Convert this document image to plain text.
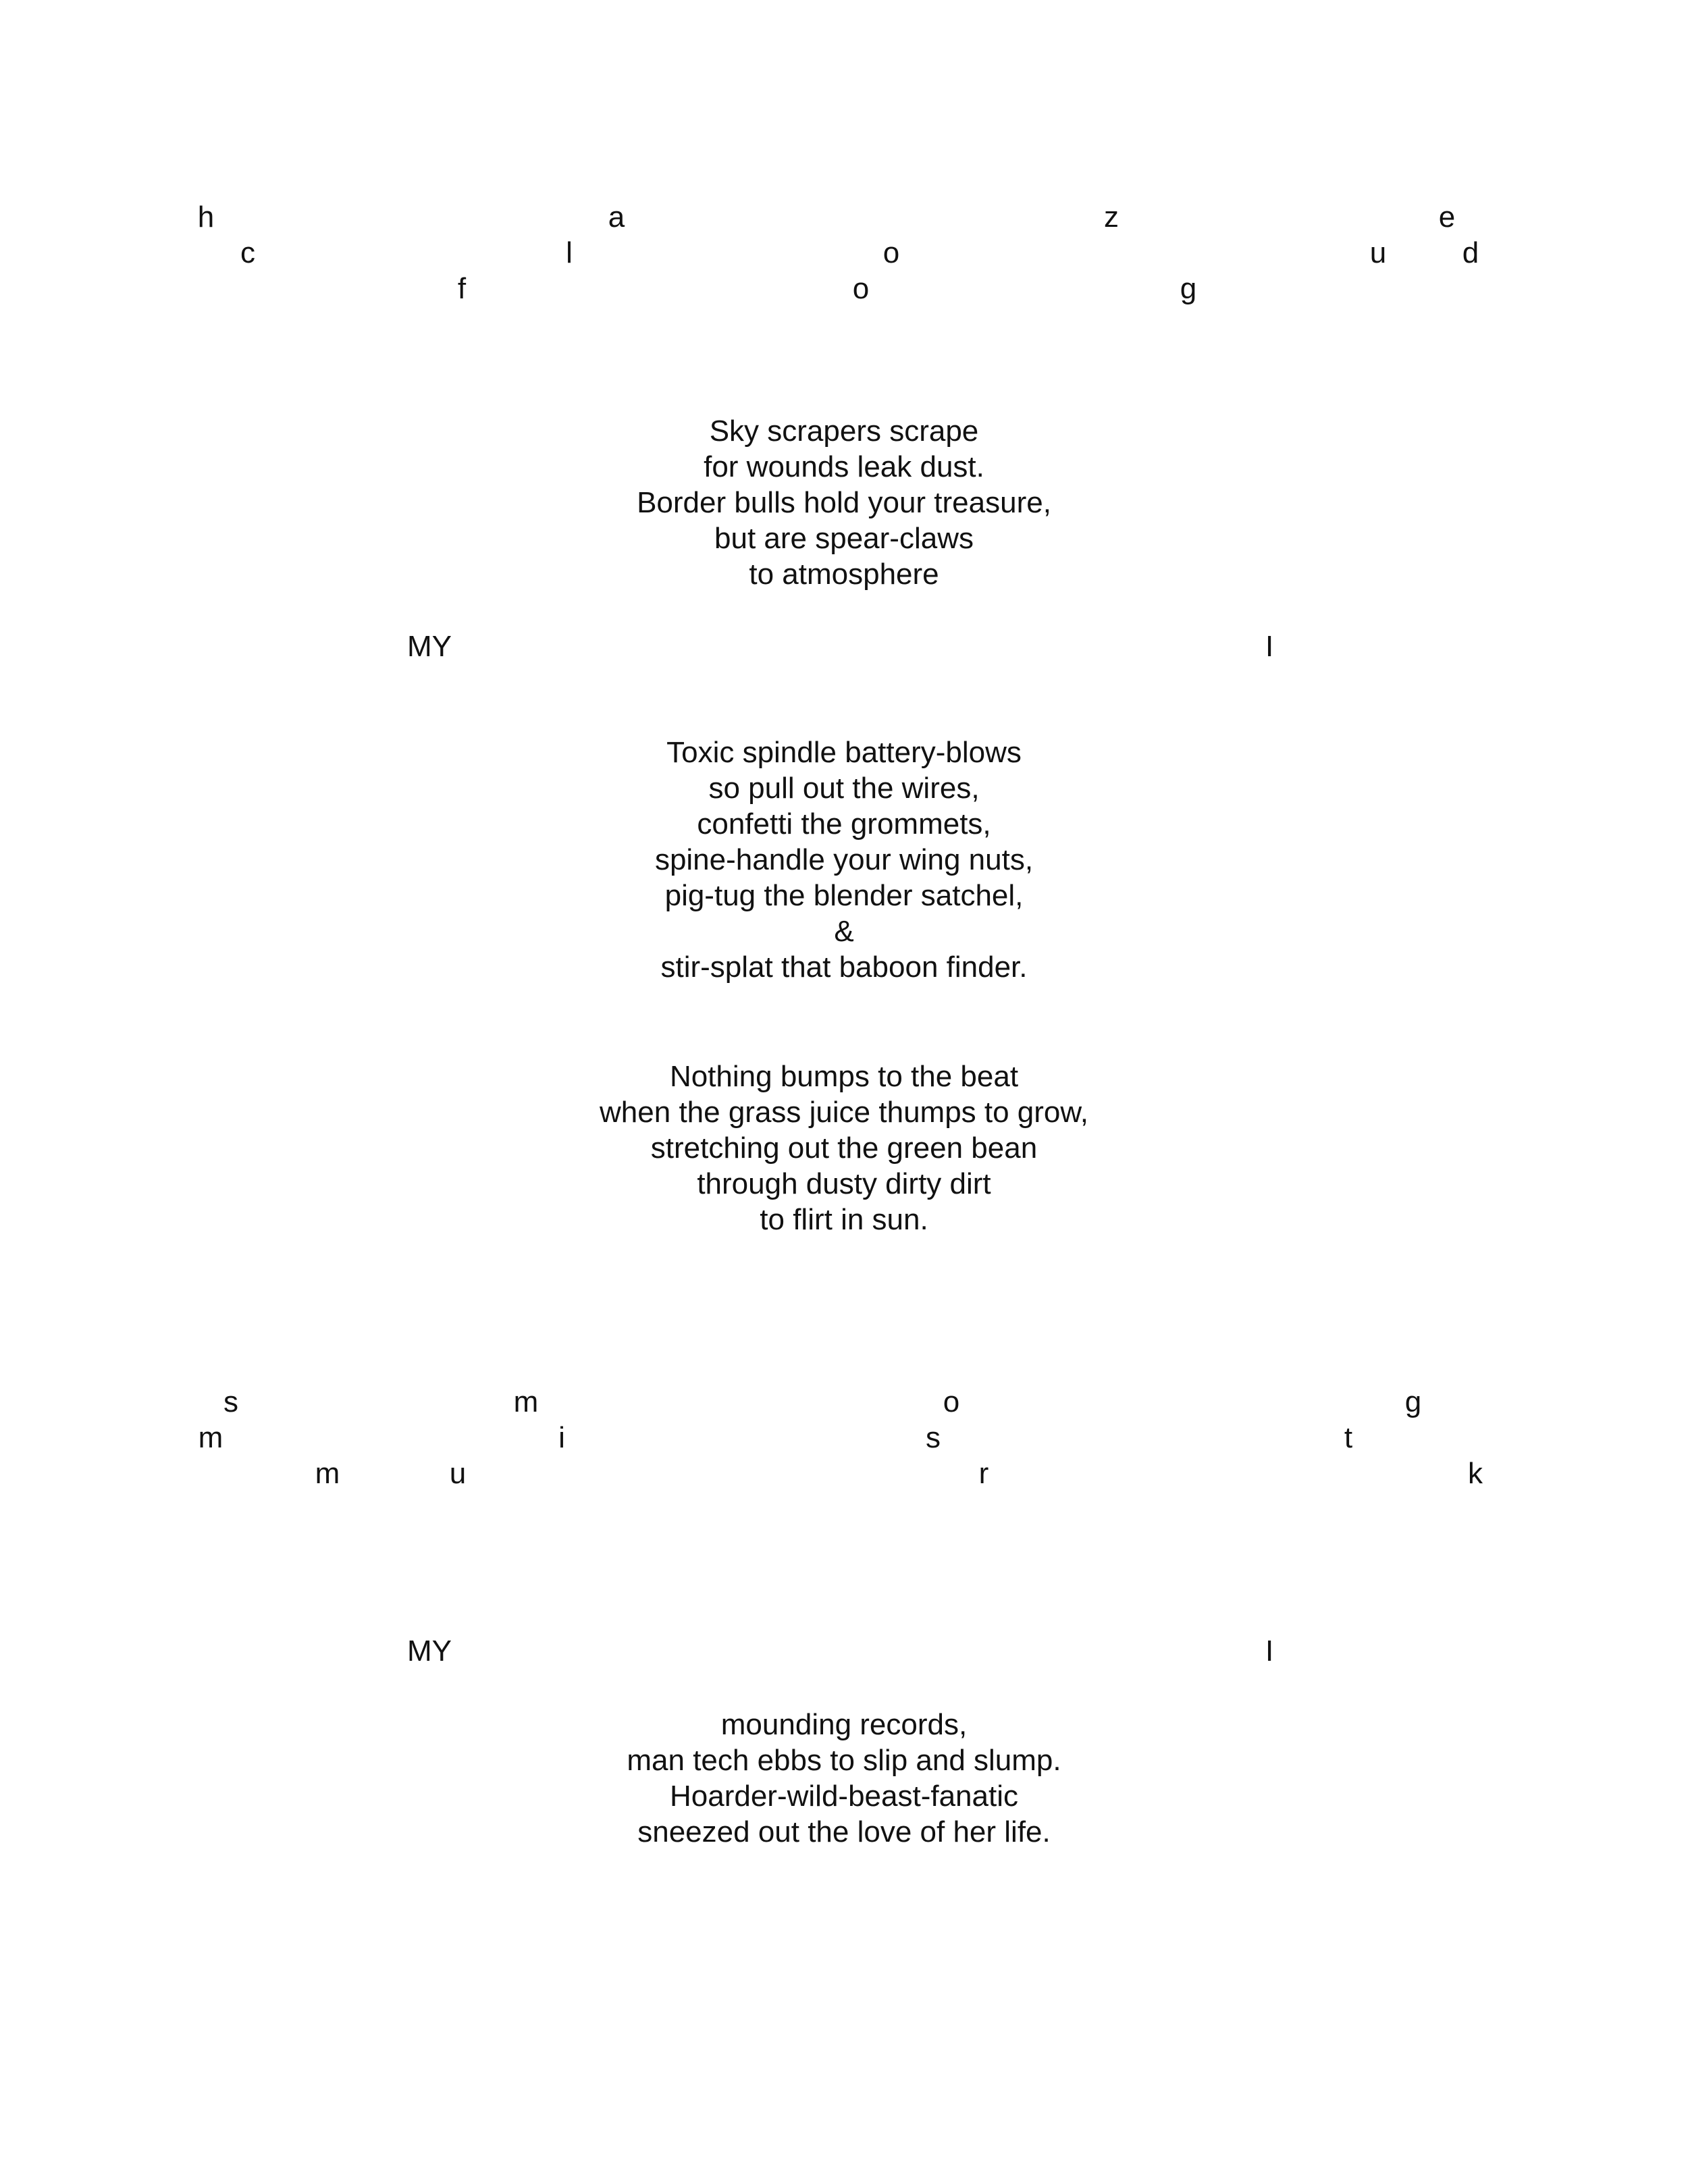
h	a	z	e
c	l	o	u	d
f	o	g
Sky scrapers scrape
for wounds leak dust.
Border bulls hold your treasure,
but are spear-claws
to atmosphere
MY	I
Toxic spindle battery-blows
so pull out the wires,
confetti the grommets,
spine-handle your wing nuts,
pig-tug the blender satchel,
&
stir-splat that baboon finder.
Nothing bumps to the beat
when the grass juice thumps to grow,
stretching out the green bean
through dusty dirty dirt
to flirt in sun.
s	m	o	g
m	i	s	t
m	u	r	k
MY	I
mounding records,
man tech ebbs to slip and slump.
Hoarder-wild-beast-fanatic
sneezed out the love of her life.
